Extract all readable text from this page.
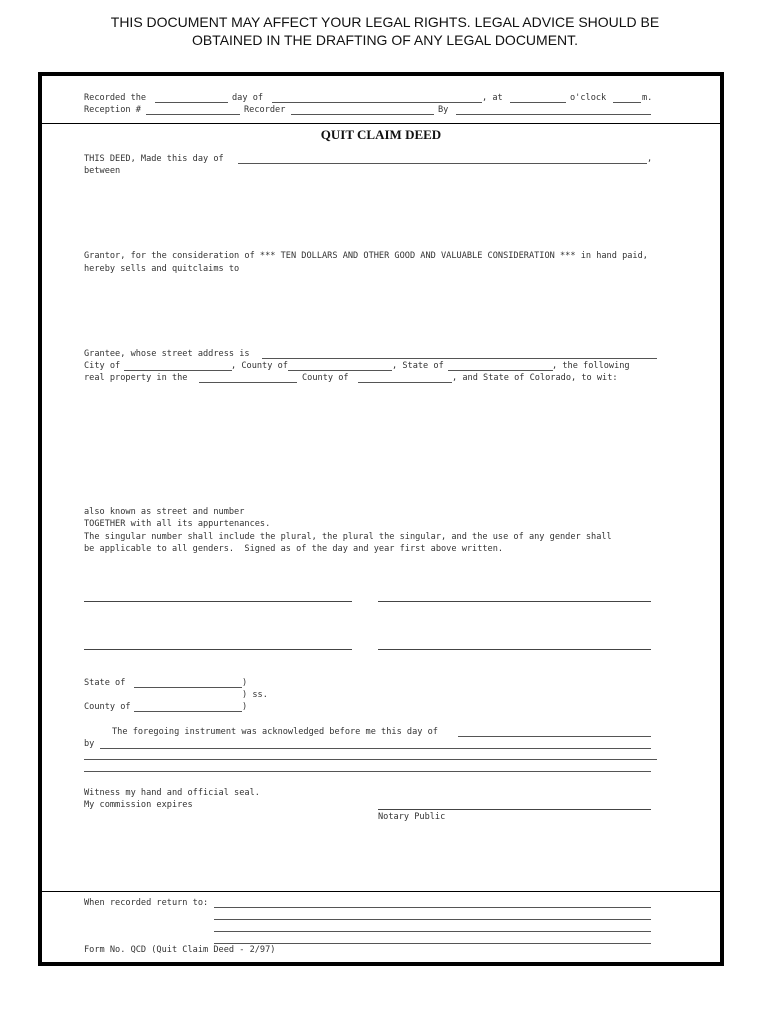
THIS DOCUMENT MAY AFFECT YOUR LEGAL RIGHTS. LEGAL ADVICE SHOULD BE
OBTAINED IN THE DRAFTING OF ANY LEGAL DOCUMENT.
Recorded the	day of	, at	o'clock	m.
Reception #	Recorder	By
QUIT CLAIM DEED
THIS DEED, Made this day of	,
between
Grantor, for the consideration of *** TEN DOLLARS AND OTHER GOOD AND VALUABLE CONSIDERATION *** in hand paid,
hereby sells and quitclaims to
Grantee, whose street address is
City of	, County of	, State of	, the following
real property in the	County of	, and State of Colorado, to wit:
also known as street and number
TOGETHER with all its appurtenances.
The singular number shall include the plural, the plural the singular, and the use of any gender shall
be applicable to all genders.  Signed as of the day and year first above written.
State of	)
) ss.
County of	)
The foregoing instrument was acknowledged before me this day of
by
Witness my hand and official seal.
My commission expires
Notary Public
When recorded return to:
Form No. QCD (Quit Claim Deed - 2/97)
